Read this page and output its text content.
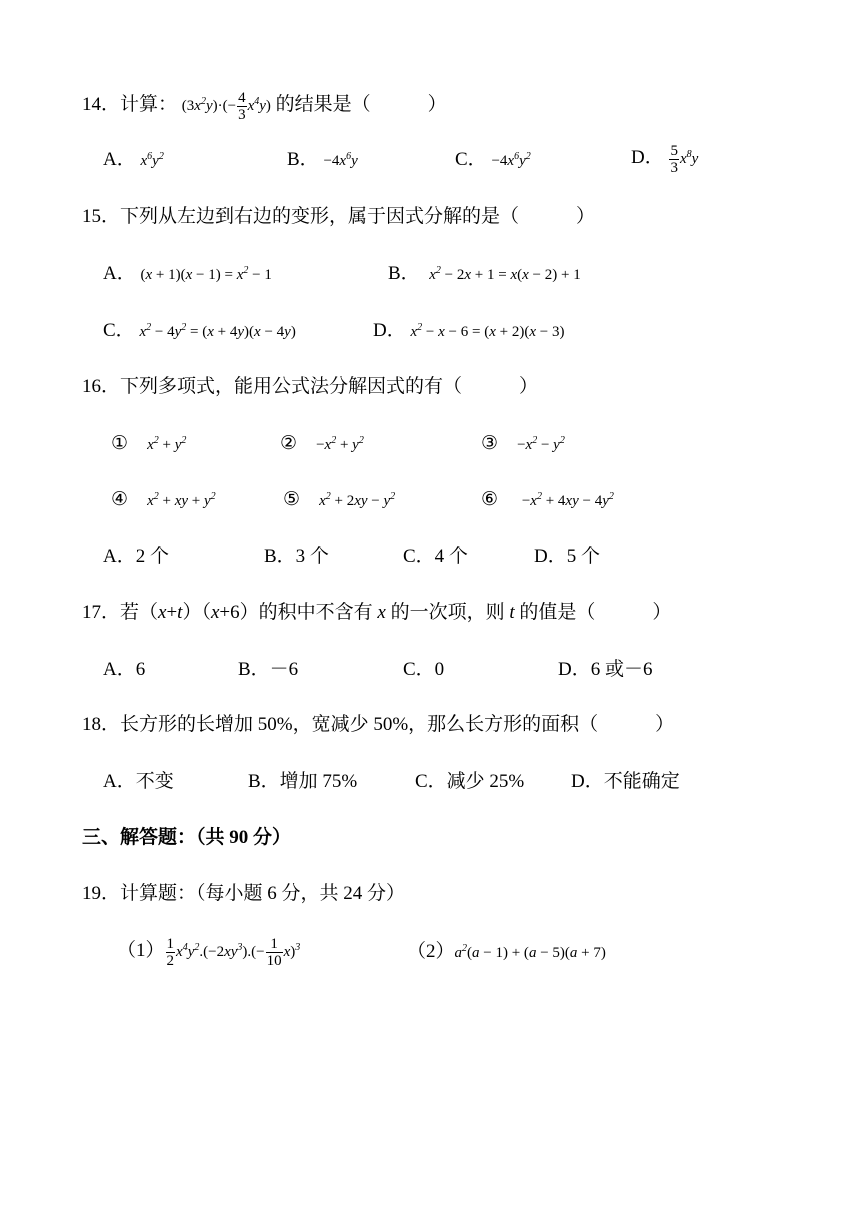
14．计算： $(3x^2y)\cdot(- \frac{4}{3} x^4y)$ 的结果是（　　　）
A． $x^6y^2$	B． $-4x^6y$	C． $-4x^6y^2$	D． $\frac{5}{3} x^8y$
15．下列从左边到右边的变形，属于因式分解的是（　　　）
A． $(x + 1)(x - 1) = x^2 - 1$	B．　 $x^2 - 2x + 1 = x(x - 2) + 1$
C． $x^2 - 4y^2 = (x + 4y)(x - 4y)$	D． $x^2 - x - 6 = (x + 2)(x - 3)$
16．下列多项式，能用公式法分解因式的有（　　　）
①　 $x^2 + y^2$	②　 $-x^2 + y^2$	③　 $-x^2 - y^2$
④　 $x^2$ + xy + $y^2$	⑤　 $x^2 + 2xy - y^2$	⑥　 $-x^2 + 4xy - 4y^2$
A．2 个	B．3 个	C．4 个	D．5 个
17．若（x+t）（x+6）的积中不含有 x 的一次项，则 t 的值是（　　　）
A．6	B．－6	C．0	D．6 或－6
18．长方形的长增加 50%，宽减少 50%，那么长方形的面积（　　　）
A．不变	B．增加 75%	C．减少 25% D．不能确定
三、解答题：（共 90 分）
19．计算题：（每小题 6 分，共 24 分）
$(1) \frac{1}{2} x^4y^2.(-2xy^3).(- \frac{1}{10} x)^3$	$(2)a^2(a - 1) + (a - 5)(a + 7)$
